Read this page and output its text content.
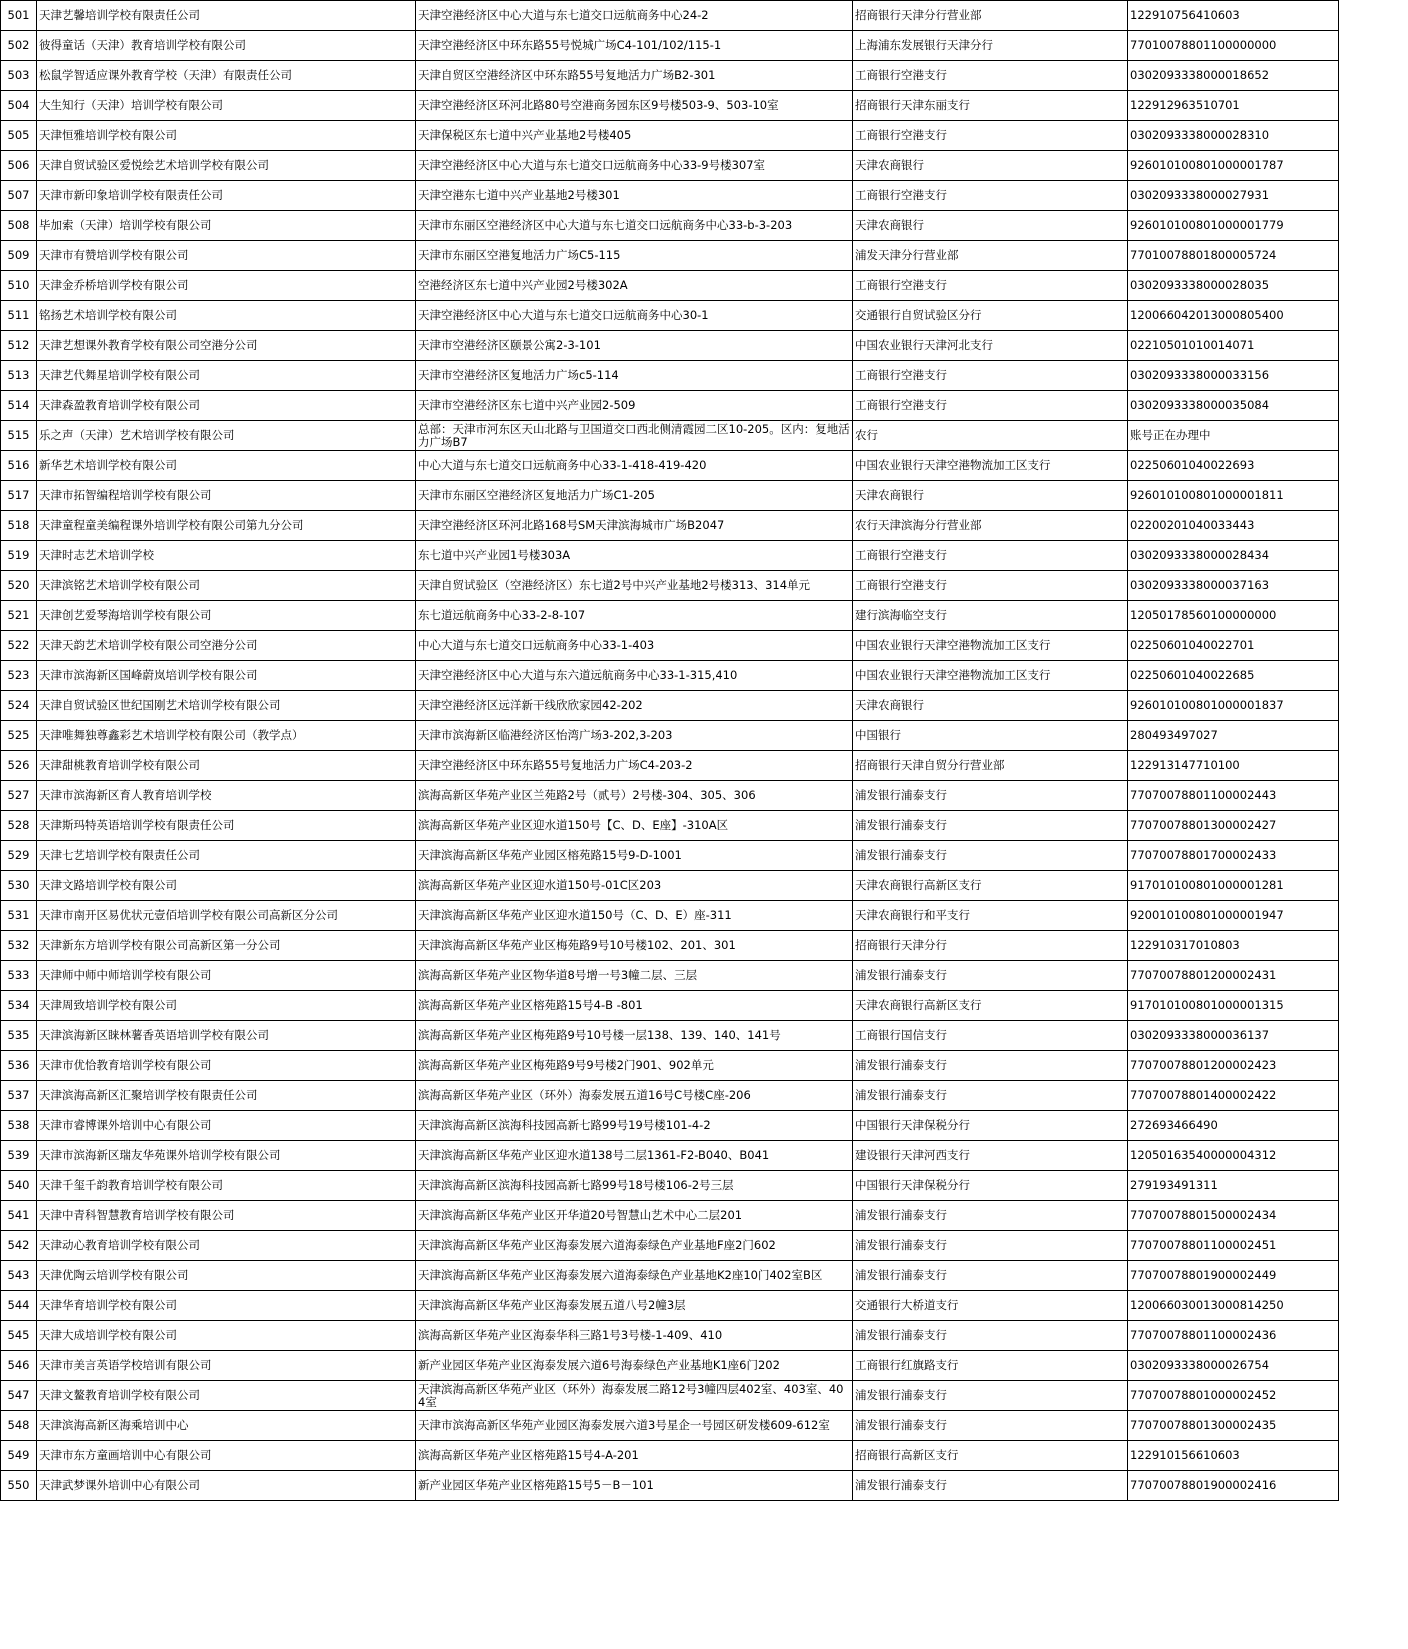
501	天津艺馨培训学校有限责任公司	天津空港经济区中心大道与东七道交口远航商务中心24-2	招商银行天津分行营业部	122910756410603
502	彼得童话（天津）教育培训学校有限公司	天津空港经济区中环东路55号悦城广场C4-101/102/115-1	上海浦东发展银行天津分行	77010078801100000000
503	松鼠学智适应课外教育学校（天津）有限责任公司	天津自贸区空港经济区中环东路55号复地活力广场B2-301	工商银行空港支行	0302093338000018652
504	大生知行（天津）培训学校有限公司	天津空港经济区环河北路80号空港商务园东区9号楼503-9、503-10室	招商银行天津东丽支行	122912963510701
505	天津恒雅培训学校有限公司	天津保税区东七道中兴产业基地2号楼405	工商银行空港支行	0302093338000028310
506	天津自贸试验区爱悦绘艺术培训学校有限公司	天津空港经济区中心大道与东七道交口远航商务中心33-9号楼307室	天津农商银行	926010100801000001787
507	天津市新印象培训学校有限责任公司	天津空港东七道中兴产业基地2号楼301	工商银行空港支行	0302093338000027931
508	毕加索（天津）培训学校有限公司	天津市东丽区空港经济区中心大道与东七道交口远航商务中心33-b-3-203	天津农商银行	926010100801000001779
509	天津市有赞培训学校有限公司	天津市东丽区空港复地活力广场C5-115	浦发天津分行营业部	77010078801800005724
510	天津金乔桥培训学校有限公司	空港经济区东七道中兴产业园2号楼302A	工商银行空港支行	0302093338000028035
511	铭扬艺术培训学校有限公司	天津空港经济区中心大道与东七道交口远航商务中心30-1	交通银行自贸试验区分行	120066042013000805400
512	天津艺想课外教育学校有限公司空港分公司	天津市空港经济区颐景公寓2-3-101	中国农业银行天津河北支行	02210501010014071
513	天津艺代舞星培训学校有限公司	天津市空港经济区复地活力广场c5-114	工商银行空港支行	0302093338000033156
514	天津森盈教育培训学校有限公司	天津市空港经济区东七道中兴产业园2-509	工商银行空港支行	0302093338000035084
515	乐之声（天津）艺术培训学校有限公司	总部：天津市河东区天山北路与卫国道交口西北侧清霞园二区10-205。区内：复地活力广场B7	农行	账号正在办理中
516	新华艺术培训学校有限公司	中心大道与东七道交口远航商务中心33-1-418-419-420	中国农业银行天津空港物流加工区支行	02250601040022693
517	天津市拓智编程培训学校有限公司	天津市东丽区空港经济区复地活力广场C1-205	天津农商银行	926010100801000001811
518	天津童程童美编程课外培训学校有限公司第九分公司	天津空港经济区环河北路168号SM天津滨海城市广场B2047	农行天津滨海分行营业部	02200201040033443
519	天津时志艺术培训学校	东七道中兴产业园1号楼303A	工商银行空港支行	0302093338000028434
520	天津滨铭艺术培训学校有限公司	天津自贸试验区（空港经济区）东七道2号中兴产业基地2号楼313、314单元	工商银行空港支行	0302093338000037163
521	天津创艺爱琴海培训学校有限公司	东七道远航商务中心33-2-8-107	建行滨海临空支行	12050178560100000000
522	天津天韵艺术培训学校有限公司空港分公司	中心大道与东七道交口远航商务中心33-1-403	中国农业银行天津空港物流加工区支行	02250601040022701
523	天津市滨海新区国峰蔚岚培训学校有限公司	天津空港经济区中心大道与东六道远航商务中心33-1-315,410	中国农业银行天津空港物流加工区支行	02250601040022685
524	天津自贸试验区世纪国刚艺术培训学校有限公司	天津空港经济区远洋新干线欣欣家园42-202	天津农商银行	926010100801000001837
525	天津唯舞独尊鑫彩艺术培训学校有限公司（教学点）	天津市滨海新区临港经济区怡湾广场3-202,3-203	中国银行	280493497027
526	天津甜桃教育培训学校有限公司	天津空港经济区中环东路55号复地活力广场C4-203-2	招商银行天津自贸分行营业部	122913147710100
527	天津市滨海新区育人教育培训学校	滨海高新区华苑产业区兰苑路2号（贰号）2号楼-304、305、306	浦发银行浦泰支行	77070078801100002443
528	天津斯玛特英语培训学校有限责任公司	滨海高新区华苑产业区迎水道150号【C、D、E座】-310A区	浦发银行浦泰支行	77070078801300002427
529	天津七艺培训学校有限责任公司	天津滨海高新区华苑产业园区榕苑路15号9-D-1001	浦发银行浦泰支行	77070078801700002433
530	天津文路培训学校有限公司	滨海高新区华苑产业区迎水道150号-01C区203	天津农商银行高新区支行	917010100801000001281
531	天津市南开区易优状元壹佰培训学校有限公司高新区分公司	天津滨海高新区华苑产业区迎水道150号（C、D、E）座-311	天津农商银行和平支行	920010100801000001947
532	天津新东方培训学校有限公司高新区第一分公司	天津滨海高新区华苑产业区梅苑路9号10号楼102、201、301	招商银行天津分行	122910317010803
533	天津师中师中师培训学校有限公司	滨海高新区华苑产业区物华道8号增一号3幢二层、三层	浦发银行浦泰支行	77070078801200002431
534	天津周致培训学校有限公司	滨海高新区华苑产业区榕苑路15号4-B -801	天津农商银行高新区支行	917010100801000001315
535	天津滨海新区睐林薯香英语培训学校有限公司	滨海高新区华苑产业区梅苑路9号10号楼一层138、139、140、141号	工商银行国信支行	0302093338000036137
536	天津市优恰教育培训学校有限公司	滨海高新区华苑产业区梅苑路9号9号楼2门901、902单元	浦发银行浦泰支行	77070078801200002423
537	天津滨海高新区汇聚培训学校有限责任公司	滨海高新区华苑产业区（环外）海泰发展五道16号C号楼C座-206	浦发银行浦泰支行	77070078801400002422
538	天津市睿博课外培训中心有限公司	天津滨海高新区滨海科技园高新七路99号19号楼101-4-2	中国银行天津保税分行	272693466490
539	天津市滨海新区瑞友华苑课外培训学校有限公司	天津滨海高新区华苑产业区迎水道138号二层1361-F2-B040、B041	建设银行天津河西支行	12050163540000004312
540	天津千玺千韵教育培训学校有限公司	天津滨海高新区滨海科技园高新七路99号18号楼106-2号三层	中国银行天津保税分行	279193491311
541	天津中青科智慧教育培训学校有限公司	天津滨海高新区华苑产业区开华道20号智慧山艺术中心二层201	浦发银行浦泰支行	77070078801500002434
542	天津动心教育培训学校有限公司	天津滨海高新区华苑产业区海泰发展六道海泰绿色产业基地F座2门602	浦发银行浦泰支行	77070078801100002451
543	天津优陶云培训学校有限公司	天津滨海高新区华苑产业区海泰发展六道海泰绿色产业基地K2座10门402室B区	浦发银行浦泰支行	77070078801900002449
544	天津华育培训学校有限公司	天津滨海高新区华苑产业区海泰发展五道八号2幢3层	交通银行大桥道支行	120066030013000814250
545	天津大成培训学校有限公司	滨海高新区华苑产业区海泰华科三路1号3号楼-1-409、410	浦发银行浦泰支行	77070078801100002436
546	天津市美言英语学校培训有限公司	新产业园区华苑产业区海泰发展六道6号海泰绿色产业基地K1座6门202	工商银行红旗路支行	0302093338000026754
547	天津文鳌教育培训学校有限公司	天津滨海高新区华苑产业区（环外）海泰发展二路12号3幢四层402室、403室、404室	浦发银行浦泰支行	77070078801000002452
548	天津滨海高新区海乘培训中心	天津市滨海高新区华苑产业园区海泰发展六道3号星企一号园区研发楼609-612室	浦发银行浦泰支行	77070078801300002435
549	天津市东方童画培训中心有限公司	滨海高新区华苑产业区榕苑路15号4-A-201	招商银行高新区支行	122910156610603
550	天津武梦课外培训中心有限公司	新产业园区华苑产业区榕苑路15号5－B－101	浦发银行浦泰支行	77070078801900002416
